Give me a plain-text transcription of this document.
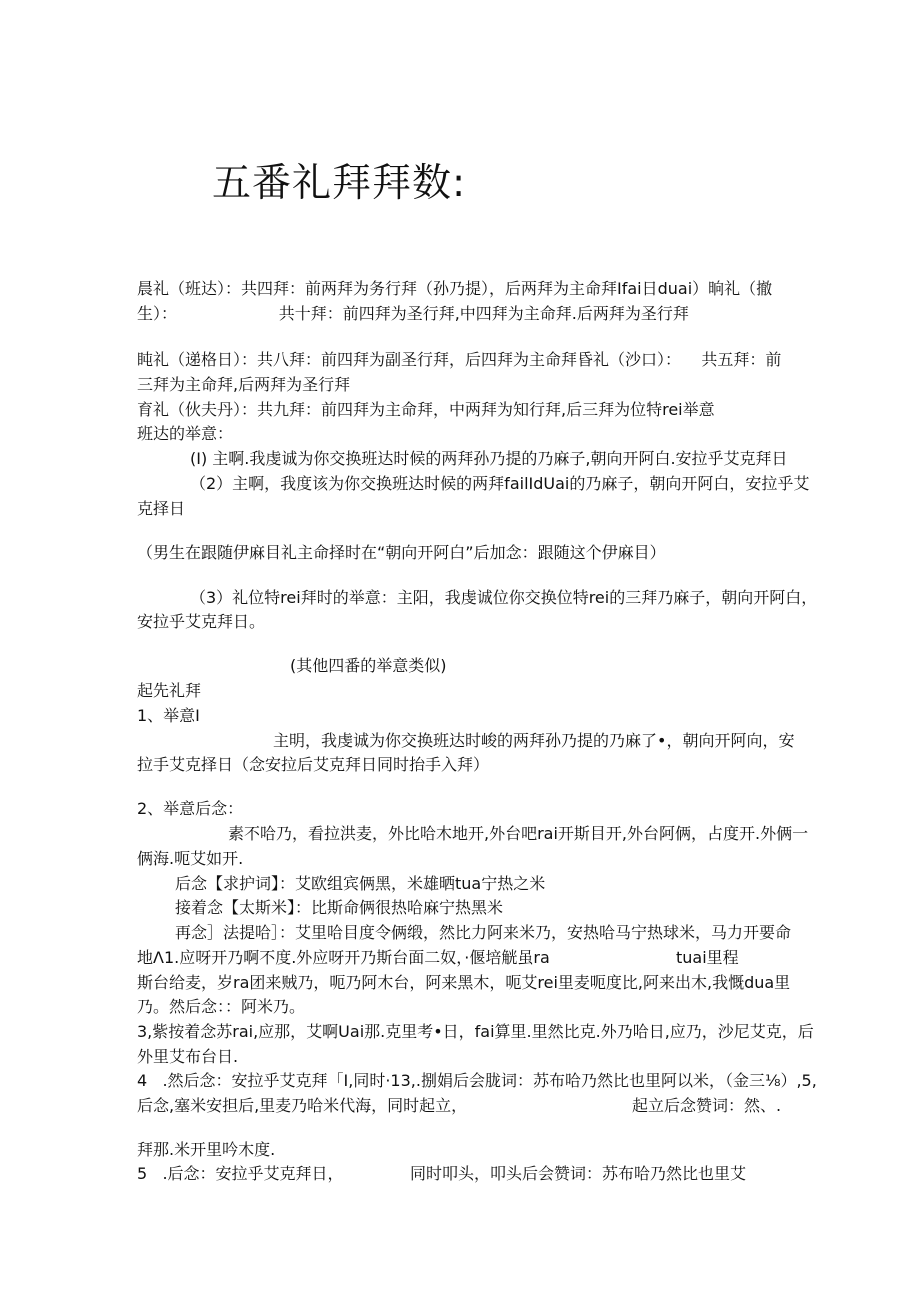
五番礼拜拜数:
晨礼（班达）：共四拜：前两拜为务行拜（孙乃提），后两拜为主命拜Ifai日duai）晌礼（撤
生）：                    共十拜：前四拜为圣行拜,中四拜为主命拜.后两拜为圣行拜
盹礼（递格日）：共八拜：前四拜为副圣行拜，后四拜为主命拜昏礼（沙口）：    共五拜：前
三拜为主命拜,后两拜为圣行拜
育礼（伙夫丹）：共九拜：前四拜为主命拜，中两拜为知行拜,后三拜为位特rei举意
班达的举意：
(I) 主啊.我虔诚为你交换班达时候的两拜孙乃提的乃麻子,朝向开阿白.安拉乎艾克拜日
（2）主啊，我度该为你交换班达时候的两拜failIdUai的乃麻子，朝向开阿白，安拉乎艾
克择日
（男生在跟随伊麻目礼主命择时在“朝向开阿白”后加念：跟随这个伊麻目）
（3）礼位特rei拜时的举意：主阳，我虔诚位你交换位特rei的三拜乃麻子，朝向开阿白，
安拉乎艾克拜日。
(其他四番的举意类似)
起先礼拜
1、举意I
主明，我虔诚为你交换班达时峻的两拜孙乃提的乃麻了•，朝向开阿向，安
拉手艾克择日（念安拉后艾克拜日同时抬手入拜）
2、举意后念：
素不哈乃，看拉洪麦，外比哈木地开,外台吧rai开斯目开,外台阿俩，占度开.外俩一
俩海.呃艾如开.
后念【求护词】：艾欧组宾俩黑，米雄晒tua宁热之米
接着念【太斯米】：比斯命俩很热哈麻宁热黑米
再念］法提哈］：艾里哈目度令俩缎，然比力阿来米乃，安热哈马宁热球米，马力开要命
地Λ1.应呀开乃啊不度.外应呀开乃斯台面二奴，·偃培觥虽ra	tuai里程
斯台给麦，岁ra团来贼乃，呃乃阿木台，阿来黑木，呃艾rei里麦呃度比,阿来出木,我慨dua里
乃。然后念：：阿米乃。
3,紫按着念苏rai,应那，艾啊Uai那.克里考•日，fai算里.里然比克.外乃哈日,应乃，沙尼艾克，后
外里艾布台日.
4   .然后念：安拉乎艾克拜「I,同时·13,.捌娟后会胧词：苏布哈乃然比也里阿以米，（金三⅛）,5,
后念,塞米安担后,里麦乃哈米代海，同时起立，	起立后念赞词：然、.
拜那.米开里吟木度.
5   .后念：安拉乎艾克拜日，	同时叩头，叩头后会赞词：苏布哈乃然比也里艾
